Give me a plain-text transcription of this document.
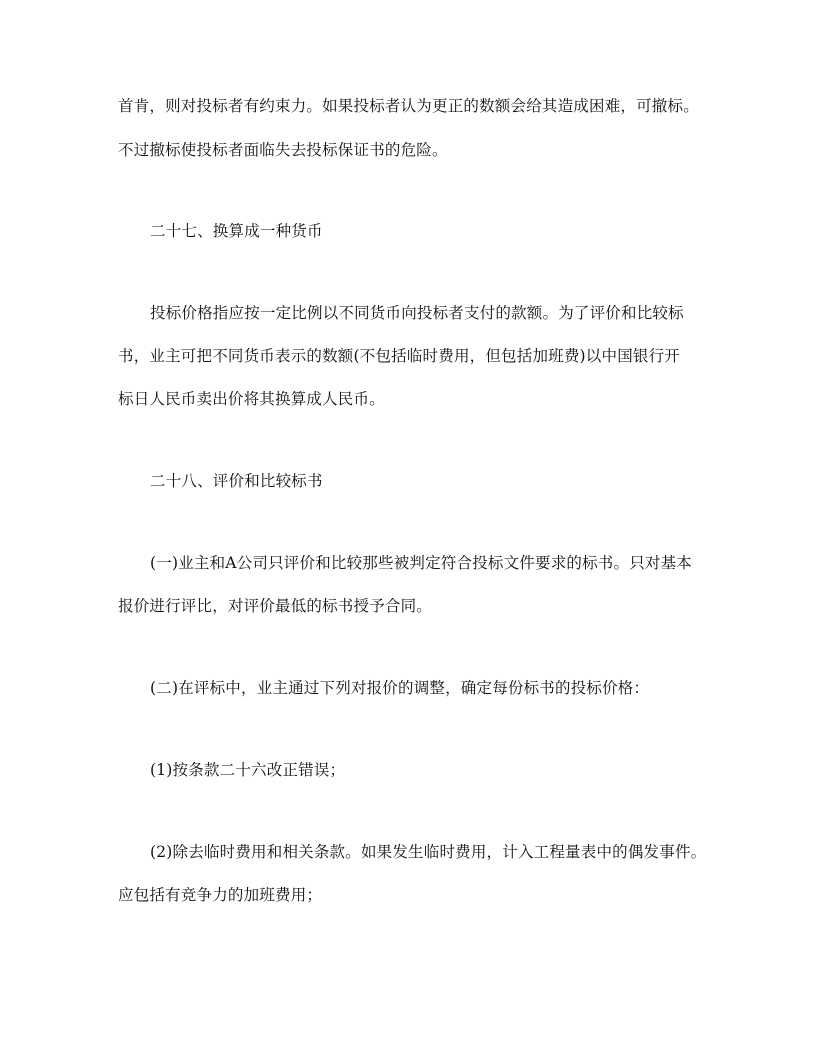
首肯，则对投标者有约束力。如果投标者认为更正的数额会给其造成困难，可撤标。
不过撤标使投标者面临失去投标保证书的危险。
二十七、换算成一种货币
投标价格指应按一定比例以不同货币向投标者支付的款额。为了评价和比较标
书，业主可把不同货币表示的数额(不包括临时费用，但包括加班费)以中国银行开
标日人民币卖出价将其换算成人民币。
二十八、评价和比较标书
(一)业主和A公司只评价和比较那些被判定符合投标文件要求的标书。只对基本
报价进行评比，对评价最低的标书授予合同。
(二)在评标中，业主通过下列对报价的调整，确定每份标书的投标价格：
(1)按条款二十六改正错误；
(2)除去临时费用和相关条款。如果发生临时费用，计入工程量表中的偶发事件。
应包括有竞争力的加班费用；
